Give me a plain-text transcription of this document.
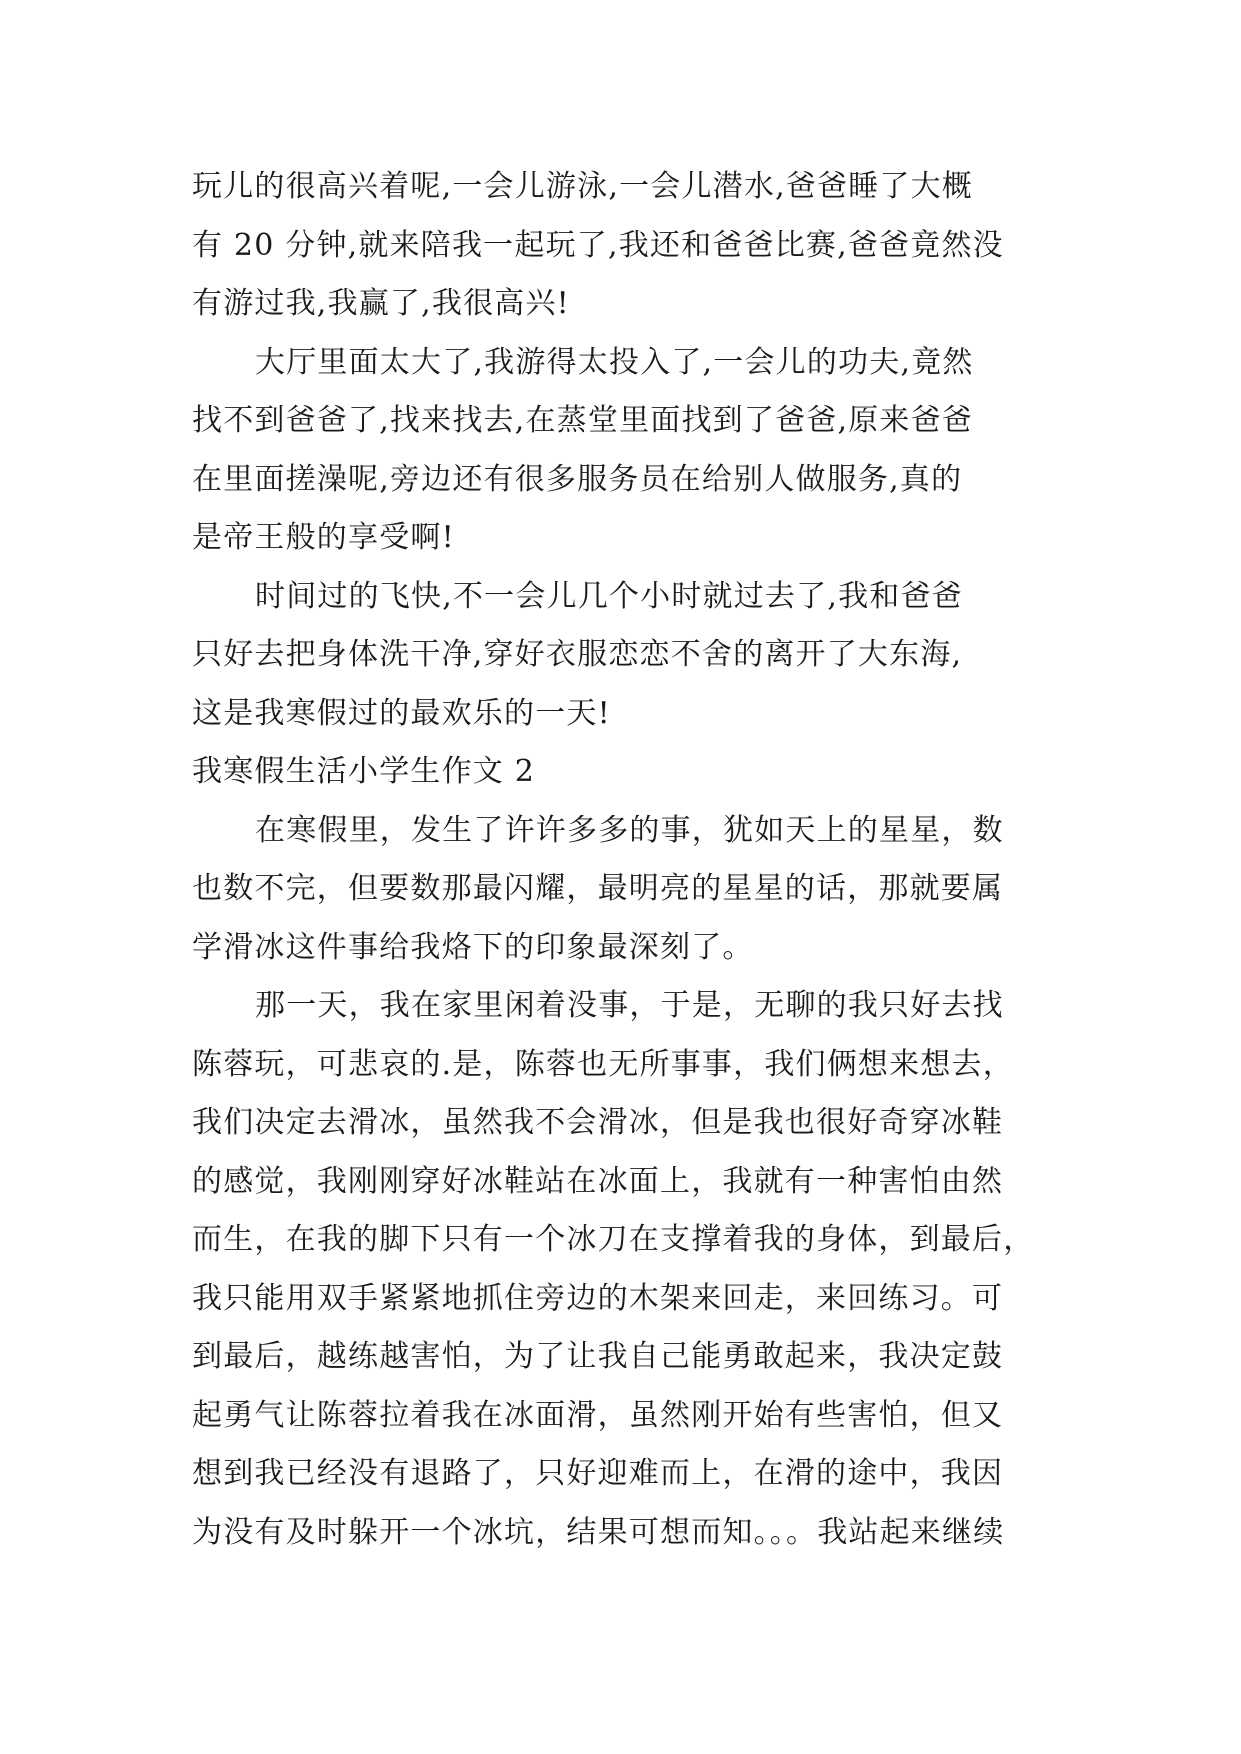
玩儿的很高兴着呢,一会儿游泳,一会儿潜水,爸爸睡了大概
有 20 分钟,就来陪我一起玩了,我还和爸爸比赛,爸爸竟然没
有游过我,我赢了,我很高兴!
大厅里面太大了,我游得太投入了,一会儿的功夫,竟然
找不到爸爸了,找来找去,在蒸堂里面找到了爸爸,原来爸爸
在里面搓澡呢,旁边还有很多服务员在给别人做服务,真的
是帝王般的享受啊!
时间过的飞快,不一会儿几个小时就过去了,我和爸爸
只好去把身体洗干净,穿好衣服恋恋不舍的离开了大东海,
这是我寒假过的最欢乐的一天!
我寒假生活小学生作文 2
在寒假里，发生了许许多多的事，犹如天上的星星，数
也数不完，但要数那最闪耀，最明亮的星星的话，那就要属
学滑冰这件事给我烙下的印象最深刻了。
那一天，我在家里闲着没事，于是，无聊的我只好去找
陈蓉玩，可悲哀的.是，陈蓉也无所事事，我们俩想来想去，
我们决定去滑冰，虽然我不会滑冰，但是我也很好奇穿冰鞋
的感觉，我刚刚穿好冰鞋站在冰面上，我就有一种害怕由然
而生，在我的脚下只有一个冰刀在支撑着我的身体，到最后，
我只能用双手紧紧地抓住旁边的木架来回走，来回练习。可
到最后，越练越害怕，为了让我自己能勇敢起来，我决定鼓
起勇气让陈蓉拉着我在冰面滑，虽然刚开始有些害怕，但又
想到我已经没有退路了，只好迎难而上，在滑的途中，我因
为没有及时躲开一个冰坑，结果可想而知。。。我站起来继续
